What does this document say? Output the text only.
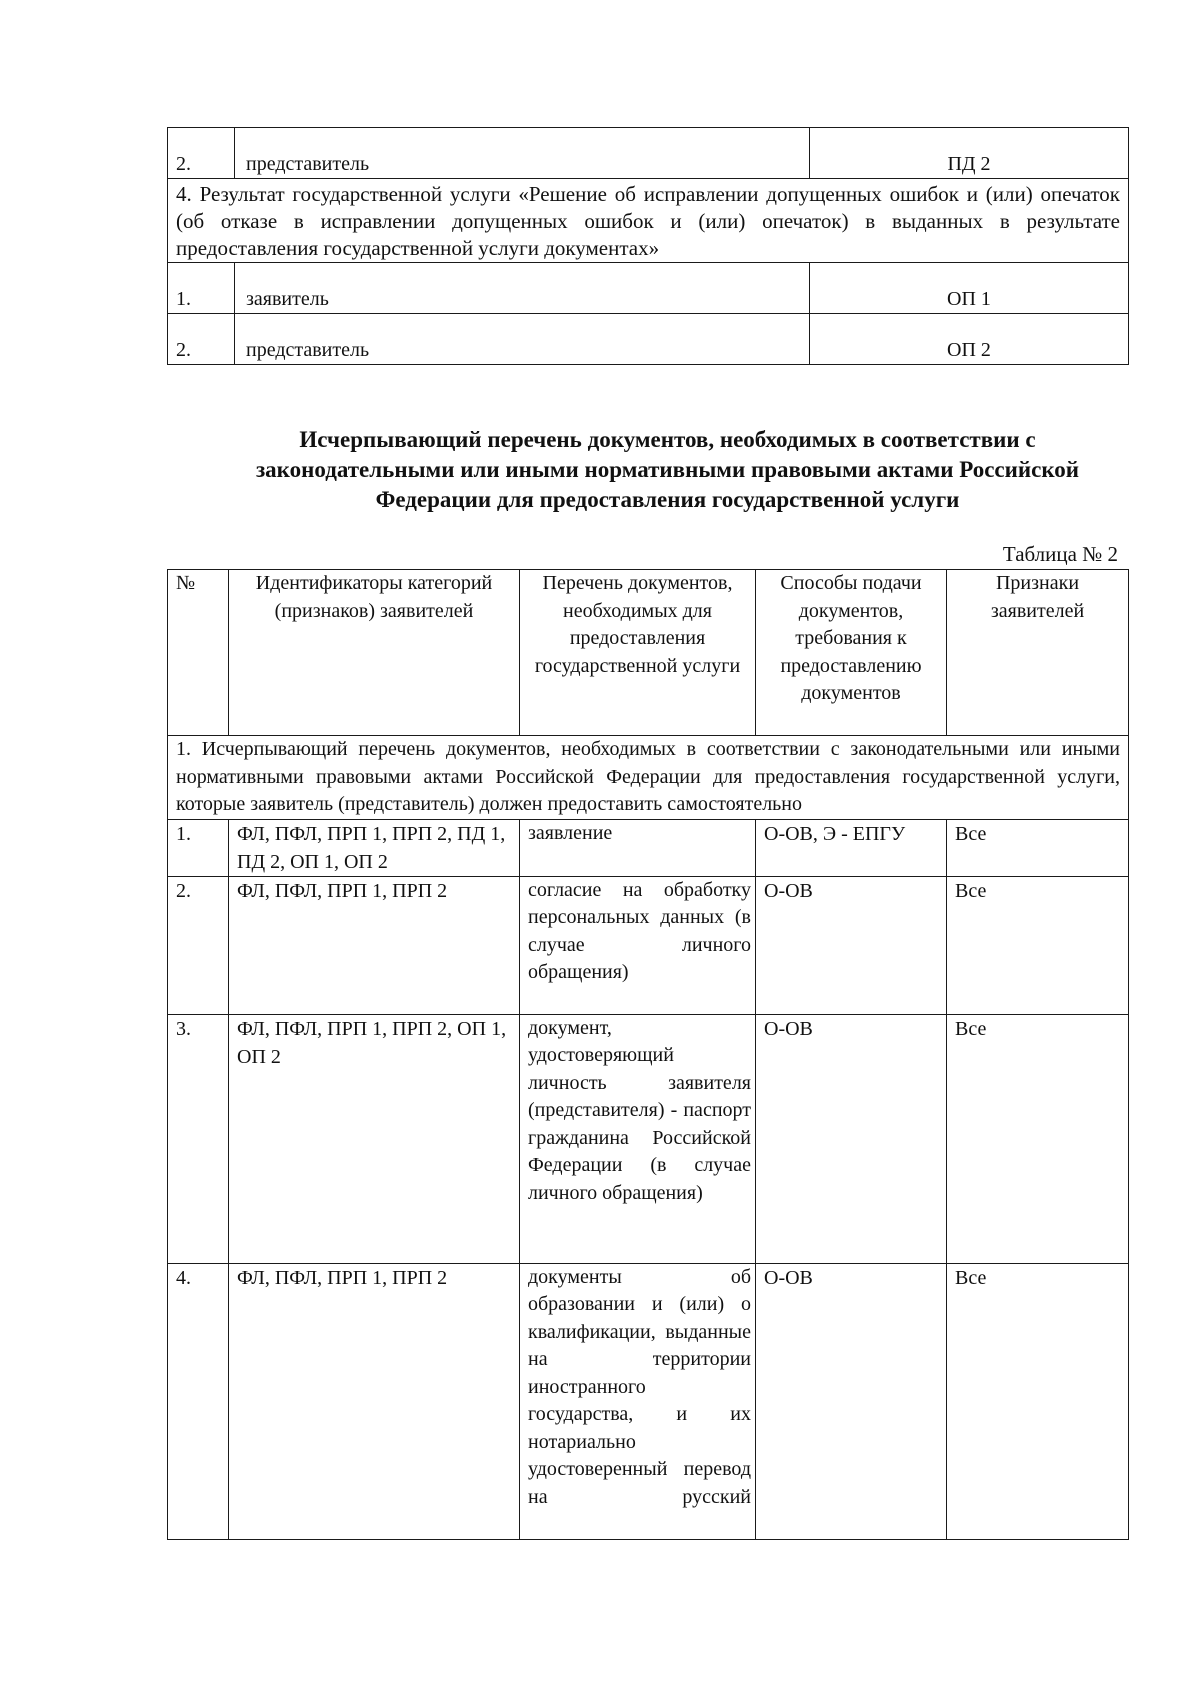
2.	представитель	ПД 2
4. Результат государственной услуги «Решение об исправлении допущенных ошибок и (или) опечаток (об отказе в исправлении допущенных ошибок и (или) опечаток) в выданных в результате предоставления государственной услуги документах»		
1.	заявитель	ОП 1
2.	представитель	ОП 2
Исчерпывающий перечень документов, необходимых в соответствии с законодательными или иными нормативными правовыми актами Российской Федерации для предоставления государственной услуги

Таблица № 2

№	Идентификаторы категорий (признаков) заявителей	Перечень документов, необходимых для предоставления государственной услуги	Способы подачи документов, требования к предоставлению документов	Признаки заявителей
1. Исчерпывающий перечень документов, необходимых в соответствии с законодательными или иными нормативными правовыми актами Российской Федерации для предоставления государственной услуги, которые заявитель (представитель) должен предоставить самостоятельно				
1.	ФЛ, ПФЛ, ПРП 1, ПРП 2, ПД 1, ПД 2, ОП 1, ОП 2	заявление	О-ОВ, Э - ЕПГУ	Все
2.	ФЛ, ПФЛ, ПРП 1, ПРП 2	согласие на обработку персональных данных (в случае личного обращения)	О-ОВ	Все
3.	ФЛ, ПФЛ, ПРП 1, ПРП 2, ОП 1, ОП 2	документ, удостоверяющий личность заявителя (представителя) - паспорт гражданина Российской Федерации (в случае личного обращения)	О-ОВ	Все
4.	ФЛ, ПФЛ, ПРП 1, ПРП 2	документы об образовании и (или) о квалификации, выданные на территории иностранного государства, и их нотариально удостоверенный перевод на русский	О-ОВ	Все
